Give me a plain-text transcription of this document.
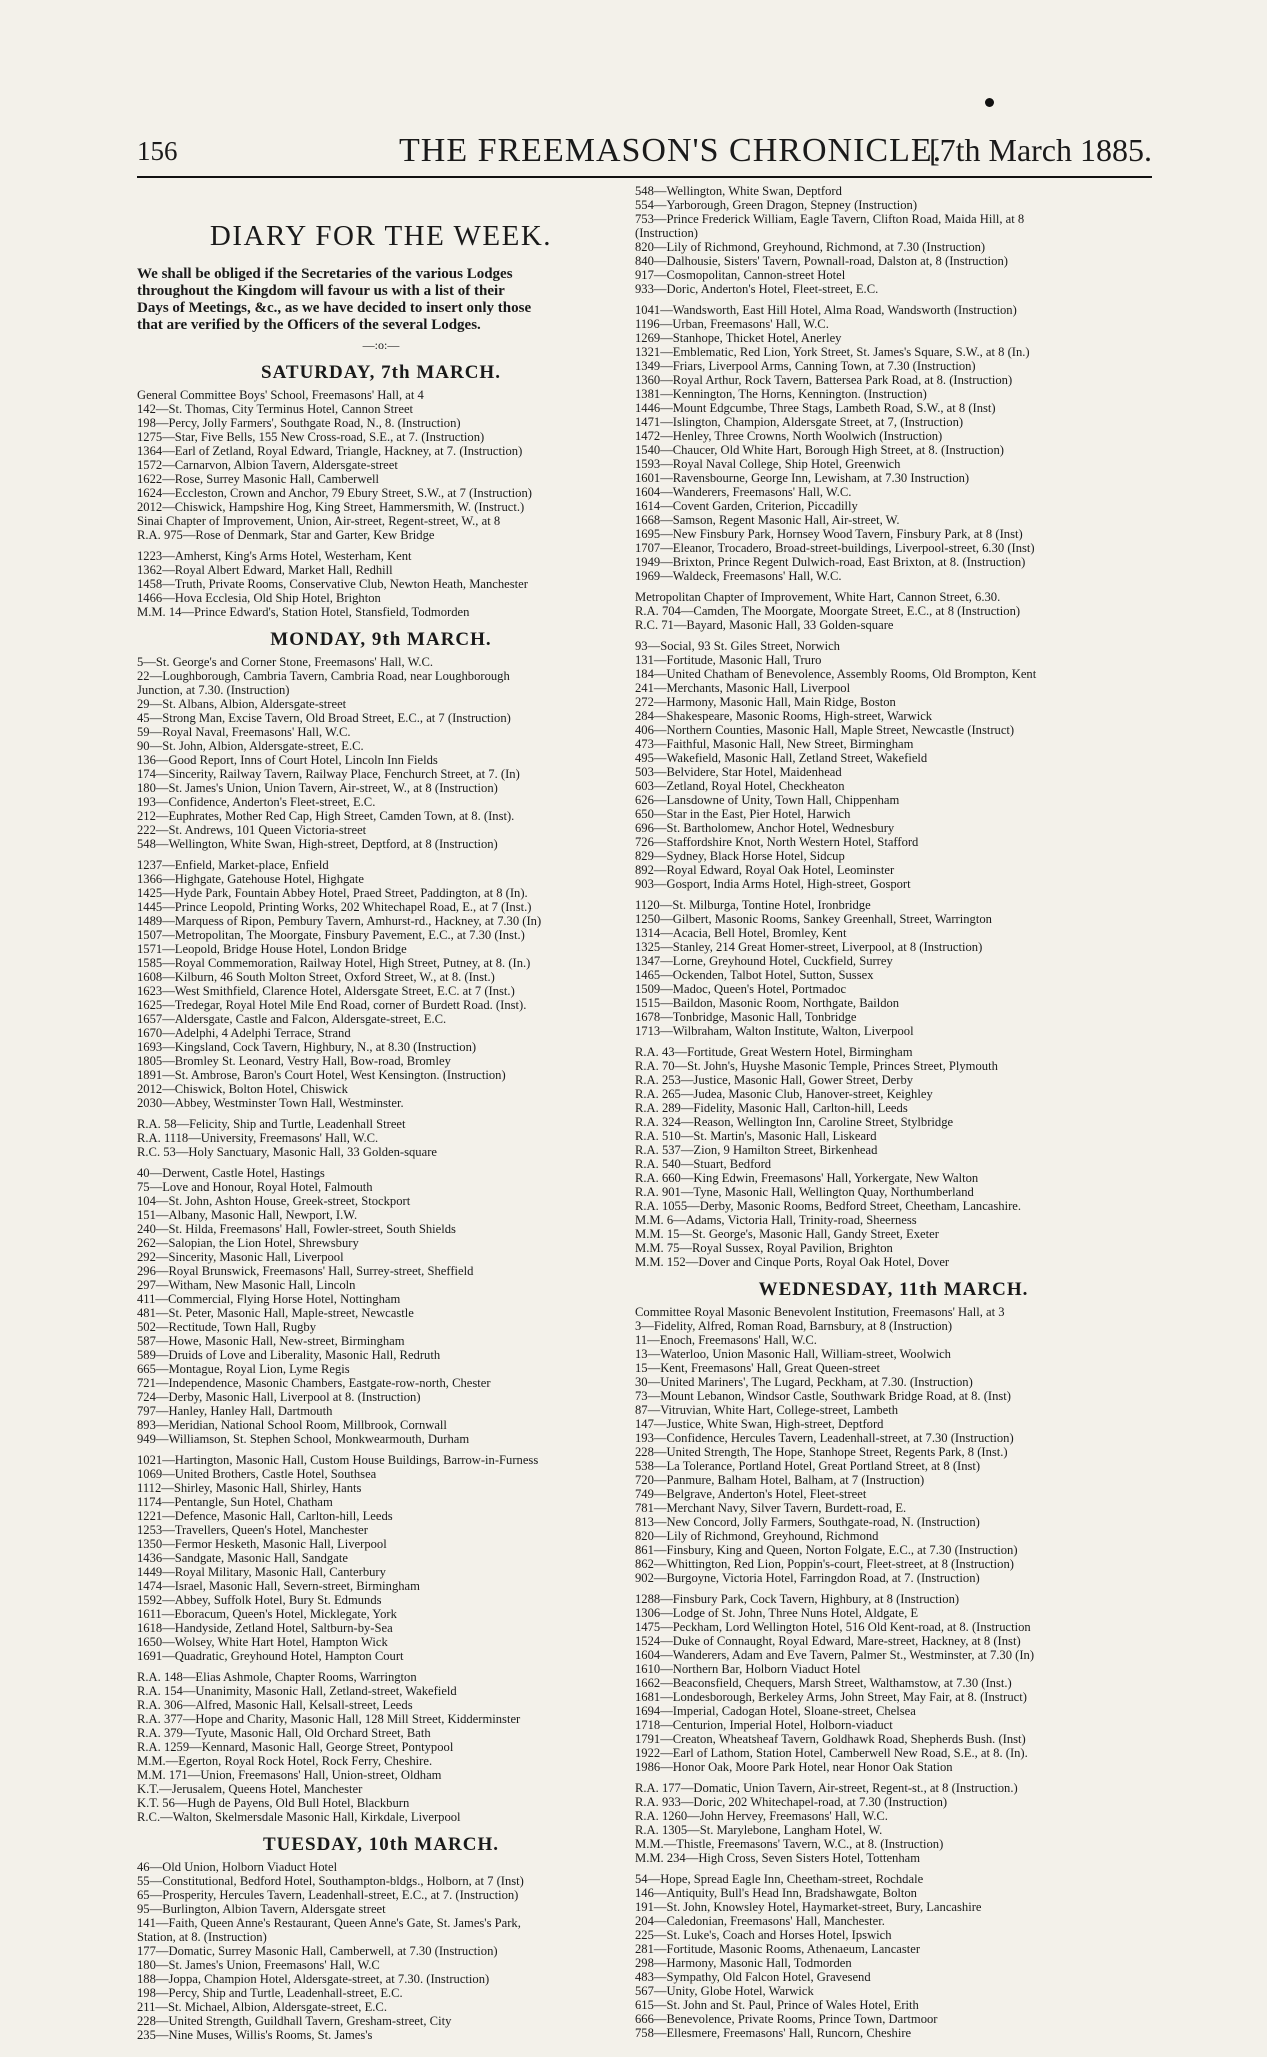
156	THE FREEMASON'S CHRONICLE.
[7th March 1885.
DIARY FOR THE WEEK.
We shall be obliged if the Secretaries of the various Lodges
throughout the Kingdom will favour us with a list of their
Days of Meetings, &c., as we have decided to insert only those
that are verified by the Officers of the several Lodges.
—:o:—
SATURDAY, 7th MARCH.
General Committee Boys' School, Freemasons' Hall, at 4
142—St. Thomas, City Terminus Hotel, Cannon Street
198—Percy, Jolly Farmers', Southgate Road, N., 8. (Instruction)
1275—Star, Five Bells, 155 New Cross-road, S.E., at 7. (Instruction)
1364—Earl of Zetland, Royal Edward, Triangle, Hackney, at 7. (Instruction)
1572—Carnarvon, Albion Tavern, Aldersgate-street
1622—Rose, Surrey Masonic Hall, Camberwell
1624—Eccleston, Crown and Anchor, 79 Ebury Street, S.W., at 7 (Instruction)
2012—Chiswick, Hampshire Hog, King Street, Hammersmith, W. (Instruct.)
Sinai Chapter of Improvement, Union, Air-street, Regent-street, W., at 8
R.A. 975—Rose of Denmark, Star and Garter, Kew Bridge
1223—Amherst, King's Arms Hotel, Westerham, Kent
1362—Royal Albert Edward, Market Hall, Redhill
1458—Truth, Private Rooms, Conservative Club, Newton Heath, Manchester
1466—Hova Ecclesia, Old Ship Hotel, Brighton
M.M. 14—Prince Edward's, Station Hotel, Stansfield, Todmorden
MONDAY, 9th MARCH.
5—St. George's and Corner Stone, Freemasons' Hall, W.C.
22—Loughborough, Cambria Tavern, Cambria Road, near Loughborough
Junction, at 7.30. (Instruction)
29—St. Albans, Albion, Aldersgate-street
45—Strong Man, Excise Tavern, Old Broad Street, E.C., at 7 (Instruction)
59—Royal Naval, Freemasons' Hall, W.C.
90—St. John, Albion, Aldersgate-street, E.C.
136—Good Report, Inns of Court Hotel, Lincoln Inn Fields
174—Sincerity, Railway Tavern, Railway Place, Fenchurch Street, at 7. (In)
180—St. James's Union, Union Tavern, Air-street, W., at 8 (Instruction)
193—Confidence, Anderton's Fleet-street, E.C.
212—Euphrates, Mother Red Cap, High Street, Camden Town, at 8. (Inst).
222—St. Andrews, 101 Queen Victoria-street
548—Wellington, White Swan, High-street, Deptford, at 8 (Instruction)
1237—Enfield, Market-place, Enfield
1366—Highgate, Gatehouse Hotel, Highgate
1425—Hyde Park, Fountain Abbey Hotel, Praed Street, Paddington, at 8 (In).
1445—Prince Leopold, Printing Works, 202 Whitechapel Road, E., at 7 (Inst.)
1489—Marquess of Ripon, Pembury Tavern, Amhurst-rd., Hackney, at 7.30 (In)
1507—Metropolitan, The Moorgate, Finsbury Pavement, E.C., at 7.30 (Inst.)
1571—Leopold, Bridge House Hotel, London Bridge
1585—Royal Commemoration, Railway Hotel, High Street, Putney, at 8. (In.)
1608—Kilburn, 46 South Molton Street, Oxford Street, W., at 8. (Inst.)
1623—West Smithfield, Clarence Hotel, Aldersgate Street, E.C. at 7 (Inst.)
1625—Tredegar, Royal Hotel Mile End Road, corner of Burdett Road. (Inst).
1657—Aldersgate, Castle and Falcon, Aldersgate-street, E.C.
1670—Adelphi, 4 Adelphi Terrace, Strand
1693—Kingsland, Cock Tavern, Highbury, N., at 8.30 (Instruction)
1805—Bromley St. Leonard, Vestry Hall, Bow-road, Bromley
1891—St. Ambrose, Baron's Court Hotel, West Kensington. (Instruction)
2012—Chiswick, Bolton Hotel, Chiswick
2030—Abbey, Westminster Town Hall, Westminster.
R.A. 58—Felicity, Ship and Turtle, Leadenhall Street
R.A. 1118—University, Freemasons' Hall, W.C.
R.C. 53—Holy Sanctuary, Masonic Hall, 33 Golden-square
40—Derwent, Castle Hotel, Hastings
75—Love and Honour, Royal Hotel, Falmouth
104—St. John, Ashton House, Greek-street, Stockport
151—Albany, Masonic Hall, Newport, I.W.
240—St. Hilda, Freemasons' Hall, Fowler-street, South Shields
262—Salopian, the Lion Hotel, Shrewsbury
292—Sincerity, Masonic Hall, Liverpool
296—Royal Brunswick, Freemasons' Hall, Surrey-street, Sheffield
297—Witham, New Masonic Hall, Lincoln
411—Commercial, Flying Horse Hotel, Nottingham
481—St. Peter, Masonic Hall, Maple-street, Newcastle
502—Rectitude, Town Hall, Rugby
587—Howe, Masonic Hall, New-street, Birmingham
589—Druids of Love and Liberality, Masonic Hall, Redruth
665—Montague, Royal Lion, Lyme Regis
721—Independence, Masonic Chambers, Eastgate-row-north, Chester
724—Derby, Masonic Hall, Liverpool at 8. (Instruction)
797—Hanley, Hanley Hall, Dartmouth
893—Meridian, National School Room, Millbrook, Cornwall
949—Williamson, St. Stephen School, Monkwearmouth, Durham
1021—Hartington, Masonic Hall, Custom House Buildings, Barrow-in-Furness
1069—United Brothers, Castle Hotel, Southsea
1112—Shirley, Masonic Hall, Shirley, Hants
1174—Pentangle, Sun Hotel, Chatham
1221—Defence, Masonic Hall, Carlton-hill, Leeds
1253—Travellers, Queen's Hotel, Manchester
1350—Fermor Hesketh, Masonic Hall, Liverpool
1436—Sandgate, Masonic Hall, Sandgate
1449—Royal Military, Masonic Hall, Canterbury
1474—Israel, Masonic Hall, Severn-street, Birmingham
1592—Abbey, Suffolk Hotel, Bury St. Edmunds
1611—Eboracum, Queen's Hotel, Micklegate, York
1618—Handyside, Zetland Hotel, Saltburn-by-Sea
1650—Wolsey, White Hart Hotel, Hampton Wick
1691—Quadratic, Greyhound Hotel, Hampton Court
R.A. 148—Elias Ashmole, Chapter Rooms, Warrington
R.A. 154—Unanimity, Masonic Hall, Zetland-street, Wakefield
R.A. 306—Alfred, Masonic Hall, Kelsall-street, Leeds
R.A. 377—Hope and Charity, Masonic Hall, 128 Mill Street, Kidderminster
R.A. 379—Tyute, Masonic Hall, Old Orchard Street, Bath
R.A. 1259—Kennard, Masonic Hall, George Street, Pontypool
M.M.—Egerton, Royal Rock Hotel, Rock Ferry, Cheshire.
M.M. 171—Union, Freemasons' Hall, Union-street, Oldham
K.T.—Jerusalem, Queens Hotel, Manchester
K.T. 56—Hugh de Payens, Old Bull Hotel, Blackburn
R.C.—Walton, Skelmersdale Masonic Hall, Kirkdale, Liverpool
TUESDAY, 10th MARCH.
46—Old Union, Holborn Viaduct Hotel
55—Constitutional, Bedford Hotel, Southampton-bldgs., Holborn, at 7 (Inst)
65—Prosperity, Hercules Tavern, Leadenhall-street, E.C., at 7. (Instruction)
95—Burlington, Albion Tavern, Aldersgate street
141—Faith, Queen Anne's Restaurant, Queen Anne's Gate, St. James's Park,
Station, at 8. (Instruction)
177—Domatic, Surrey Masonic Hall, Camberwell, at 7.30 (Instruction)
180—St. James's Union, Freemasons' Hall, W.C
188—Joppa, Champion Hotel, Aldersgate-street, at 7.30. (Instruction)
198—Percy, Ship and Turtle, Leadenhall-street, E.C.
211—St. Michael, Albion, Aldersgate-street, E.C.
228—United Strength, Guildhall Tavern, Gresham-street, City
235—Nine Muses, Willis's Rooms, St. James's
548—Wellington, White Swan, Deptford
554—Yarborough, Green Dragon, Stepney (Instruction)
753—Prince Frederick William, Eagle Tavern, Clifton Road, Maida Hill, at 8
(Instruction)
820—Lily of Richmond, Greyhound, Richmond, at 7.30 (Instruction)
840—Dalhousie, Sisters' Tavern, Pownall-road, Dalston at, 8 (Instruction)
917—Cosmopolitan, Cannon-street Hotel
933—Doric, Anderton's Hotel, Fleet-street, E.C.
1041—Wandsworth, East Hill Hotel, Alma Road, Wandsworth (Instruction)
1196—Urban, Freemasons' Hall, W.C.
1269—Stanhope, Thicket Hotel, Anerley
1321—Emblematic, Red Lion, York Street, St. James's Square, S.W., at 8 (In.)
1349—Friars, Liverpool Arms, Canning Town, at 7.30 (Instruction)
1360—Royal Arthur, Rock Tavern, Battersea Park Road, at 8. (Instruction)
1381—Kennington, The Horns, Kennington. (Instruction)
1446—Mount Edgcumbe, Three Stags, Lambeth Road, S.W., at 8 (Inst)
1471—Islington, Champion, Aldersgate Street, at 7, (Instruction)
1472—Henley, Three Crowns, North Woolwich (Instruction)
1540—Chaucer, Old White Hart, Borough High Street, at 8. (Instruction)
1593—Royal Naval College, Ship Hotel, Greenwich
1601—Ravensbourne, George Inn, Lewisham, at 7.30 Instruction)
1604—Wanderers, Freemasons' Hall, W.C.
1614—Covent Garden, Criterion, Piccadilly
1668—Samson, Regent Masonic Hall, Air-street, W.
1695—New Finsbury Park, Hornsey Wood Tavern, Finsbury Park, at 8 (Inst)
1707—Eleanor, Trocadero, Broad-street-buildings, Liverpool-street, 6.30 (Inst)
1949—Brixton, Prince Regent Dulwich-road, East Brixton, at 8. (Instruction)
1969—Waldeck, Freemasons' Hall, W.C.
Metropolitan Chapter of Improvement, White Hart, Cannon Street, 6.30.
R.A. 704—Camden, The Moorgate, Moorgate Street, E.C., at 8 (Instruction)
R.C. 71—Bayard, Masonic Hall, 33 Golden-square
93—Social, 93 St. Giles Street, Norwich
131—Fortitude, Masonic Hall, Truro
184—United Chatham of Benevolence, Assembly Rooms, Old Brompton, Kent
241—Merchants, Masonic Hall, Liverpool
272—Harmony, Masonic Hall, Main Ridge, Boston
284—Shakespeare, Masonic Rooms, High-street, Warwick
406—Northern Counties, Masonic Hall, Maple Street, Newcastle (Instruct)
473—Faithful, Masonic Hall, New Street, Birmingham
495—Wakefield, Masonic Hall, Zetland Street, Wakefield
503—Belvidere, Star Hotel, Maidenhead
603—Zetland, Royal Hotel, Checkheaton
626—Lansdowne of Unity, Town Hall, Chippenham
650—Star in the East, Pier Hotel, Harwich
696—St. Bartholomew, Anchor Hotel, Wednesbury
726—Staffordshire Knot, North Western Hotel, Stafford
829—Sydney, Black Horse Hotel, Sidcup
892—Royal Edward, Royal Oak Hotel, Leominster
903—Gosport, India Arms Hotel, High-street, Gosport
1120—St. Milburga, Tontine Hotel, Ironbridge
1250—Gilbert, Masonic Rooms, Sankey Greenhall, Street, Warrington
1314—Acacia, Bell Hotel, Bromley, Kent
1325—Stanley, 214 Great Homer-street, Liverpool, at 8 (Instruction)
1347—Lorne, Greyhound Hotel, Cuckfield, Surrey
1465—Ockenden, Talbot Hotel, Sutton, Sussex
1509—Madoc, Queen's Hotel, Portmadoc
1515—Baildon, Masonic Room, Northgate, Baildon
1678—Tonbridge, Masonic Hall, Tonbridge
1713—Wilbraham, Walton Institute, Walton, Liverpool
R.A. 43—Fortitude, Great Western Hotel, Birmingham
R.A. 70—St. John's, Huyshe Masonic Temple, Princes Street, Plymouth
R.A. 253—Justice, Masonic Hall, Gower Street, Derby
R.A. 265—Judea, Masonic Club, Hanover-street, Keighley
R.A. 289—Fidelity, Masonic Hall, Carlton-hill, Leeds
R.A. 324—Reason, Wellington Inn, Caroline Street, Stylbridge
R.A. 510—St. Martin's, Masonic Hall, Liskeard
R.A. 537—Zion, 9 Hamilton Street, Birkenhead
R.A. 540—Stuart, Bedford
R.A. 660—King Edwin, Freemasons' Hall, Yorkergate, New Walton
R.A. 901—Tyne, Masonic Hall, Wellington Quay, Northumberland
R.A. 1055—Derby, Masonic Rooms, Bedford Street, Cheetham, Lancashire.
M.M. 6—Adams, Victoria Hall, Trinity-road, Sheerness
M.M. 15—St. George's, Masonic Hall, Gandy Street, Exeter
M.M. 75—Royal Sussex, Royal Pavilion, Brighton
M.M. 152—Dover and Cinque Ports, Royal Oak Hotel, Dover
WEDNESDAY, 11th MARCH.
Committee Royal Masonic Benevolent Institution, Freemasons' Hall, at 3
3—Fidelity, Alfred, Roman Road, Barnsbury, at 8 (Instruction)
11—Enoch, Freemasons' Hall, W.C.
13—Waterloo, Union Masonic Hall, William-street, Woolwich
15—Kent, Freemasons' Hall, Great Queen-street
30—United Mariners', The Lugard, Peckham, at 7.30. (Instruction)
73—Mount Lebanon, Windsor Castle, Southwark Bridge Road, at 8. (Inst)
87—Vitruvian, White Hart, College-street, Lambeth
147—Justice, White Swan, High-street, Deptford
193—Confidence, Hercules Tavern, Leadenhall-street, at 7.30 (Instruction)
228—United Strength, The Hope, Stanhope Street, Regents Park, 8 (Inst.)
538—La Tolerance, Portland Hotel, Great Portland Street, at 8 (Inst)
720—Panmure, Balham Hotel, Balham, at 7 (Instruction)
749—Belgrave, Anderton's Hotel, Fleet-street
781—Merchant Navy, Silver Tavern, Burdett-road, E.
813—New Concord, Jolly Farmers, Southgate-road, N. (Instruction)
820—Lily of Richmond, Greyhound, Richmond
861—Finsbury, King and Queen, Norton Folgate, E.C., at 7.30 (Instruction)
862—Whittington, Red Lion, Poppin's-court, Fleet-street, at 8 (Instruction)
902—Burgoyne, Victoria Hotel, Farringdon Road, at 7. (Instruction)
1288—Finsbury Park, Cock Tavern, Highbury, at 8 (Instruction)
1306—Lodge of St. John, Three Nuns Hotel, Aldgate, E
1475—Peckham, Lord Wellington Hotel, 516 Old Kent-road, at 8. (Instruction
1524—Duke of Connaught, Royal Edward, Mare-street, Hackney, at 8 (Inst)
1604—Wanderers, Adam and Eve Tavern, Palmer St., Westminster, at 7.30 (In)
1610—Northern Bar, Holborn Viaduct Hotel
1662—Beaconsfield, Chequers, Marsh Street, Walthamstow, at 7.30 (Inst.)
1681—Londesborough, Berkeley Arms, John Street, May Fair, at 8. (Instruct)
1694—Imperial, Cadogan Hotel, Sloane-street, Chelsea
1718—Centurion, Imperial Hotel, Holborn-viaduct
1791—Creaton, Wheatsheaf Tavern, Goldhawk Road, Shepherds Bush. (Inst)
1922—Earl of Lathom, Station Hotel, Camberwell New Road, S.E., at 8. (In).
1986—Honor Oak, Moore Park Hotel, near Honor Oak Station
R.A. 177—Domatic, Union Tavern, Air-street, Regent-st., at 8 (Instruction.)
R.A. 933—Doric, 202 Whitechapel-road, at 7.30 (Instruction)
R.A. 1260—John Hervey, Freemasons' Hall, W.C.
R.A. 1305—St. Marylebone, Langham Hotel, W.
M.M.—Thistle, Freemasons' Tavern, W.C., at 8. (Instruction)
M.M. 234—High Cross, Seven Sisters Hotel, Tottenham
54—Hope, Spread Eagle Inn, Cheetham-street, Rochdale
146—Antiquity, Bull's Head Inn, Bradshawgate, Bolton
191—St. John, Knowsley Hotel, Haymarket-street, Bury, Lancashire
204—Caledonian, Freemasons' Hall, Manchester.
225—St. Luke's, Coach and Horses Hotel, Ipswich
281—Fortitude, Masonic Rooms, Athenaeum, Lancaster
298—Harmony, Masonic Hall, Todmorden
483—Sympathy, Old Falcon Hotel, Gravesend
567—Unity, Globe Hotel, Warwick
615—St. John and St. Paul, Prince of Wales Hotel, Erith
666—Benevolence, Private Rooms, Prince Town, Dartmoor
758—Ellesmere, Freemasons' Hall, Runcorn, Cheshire
